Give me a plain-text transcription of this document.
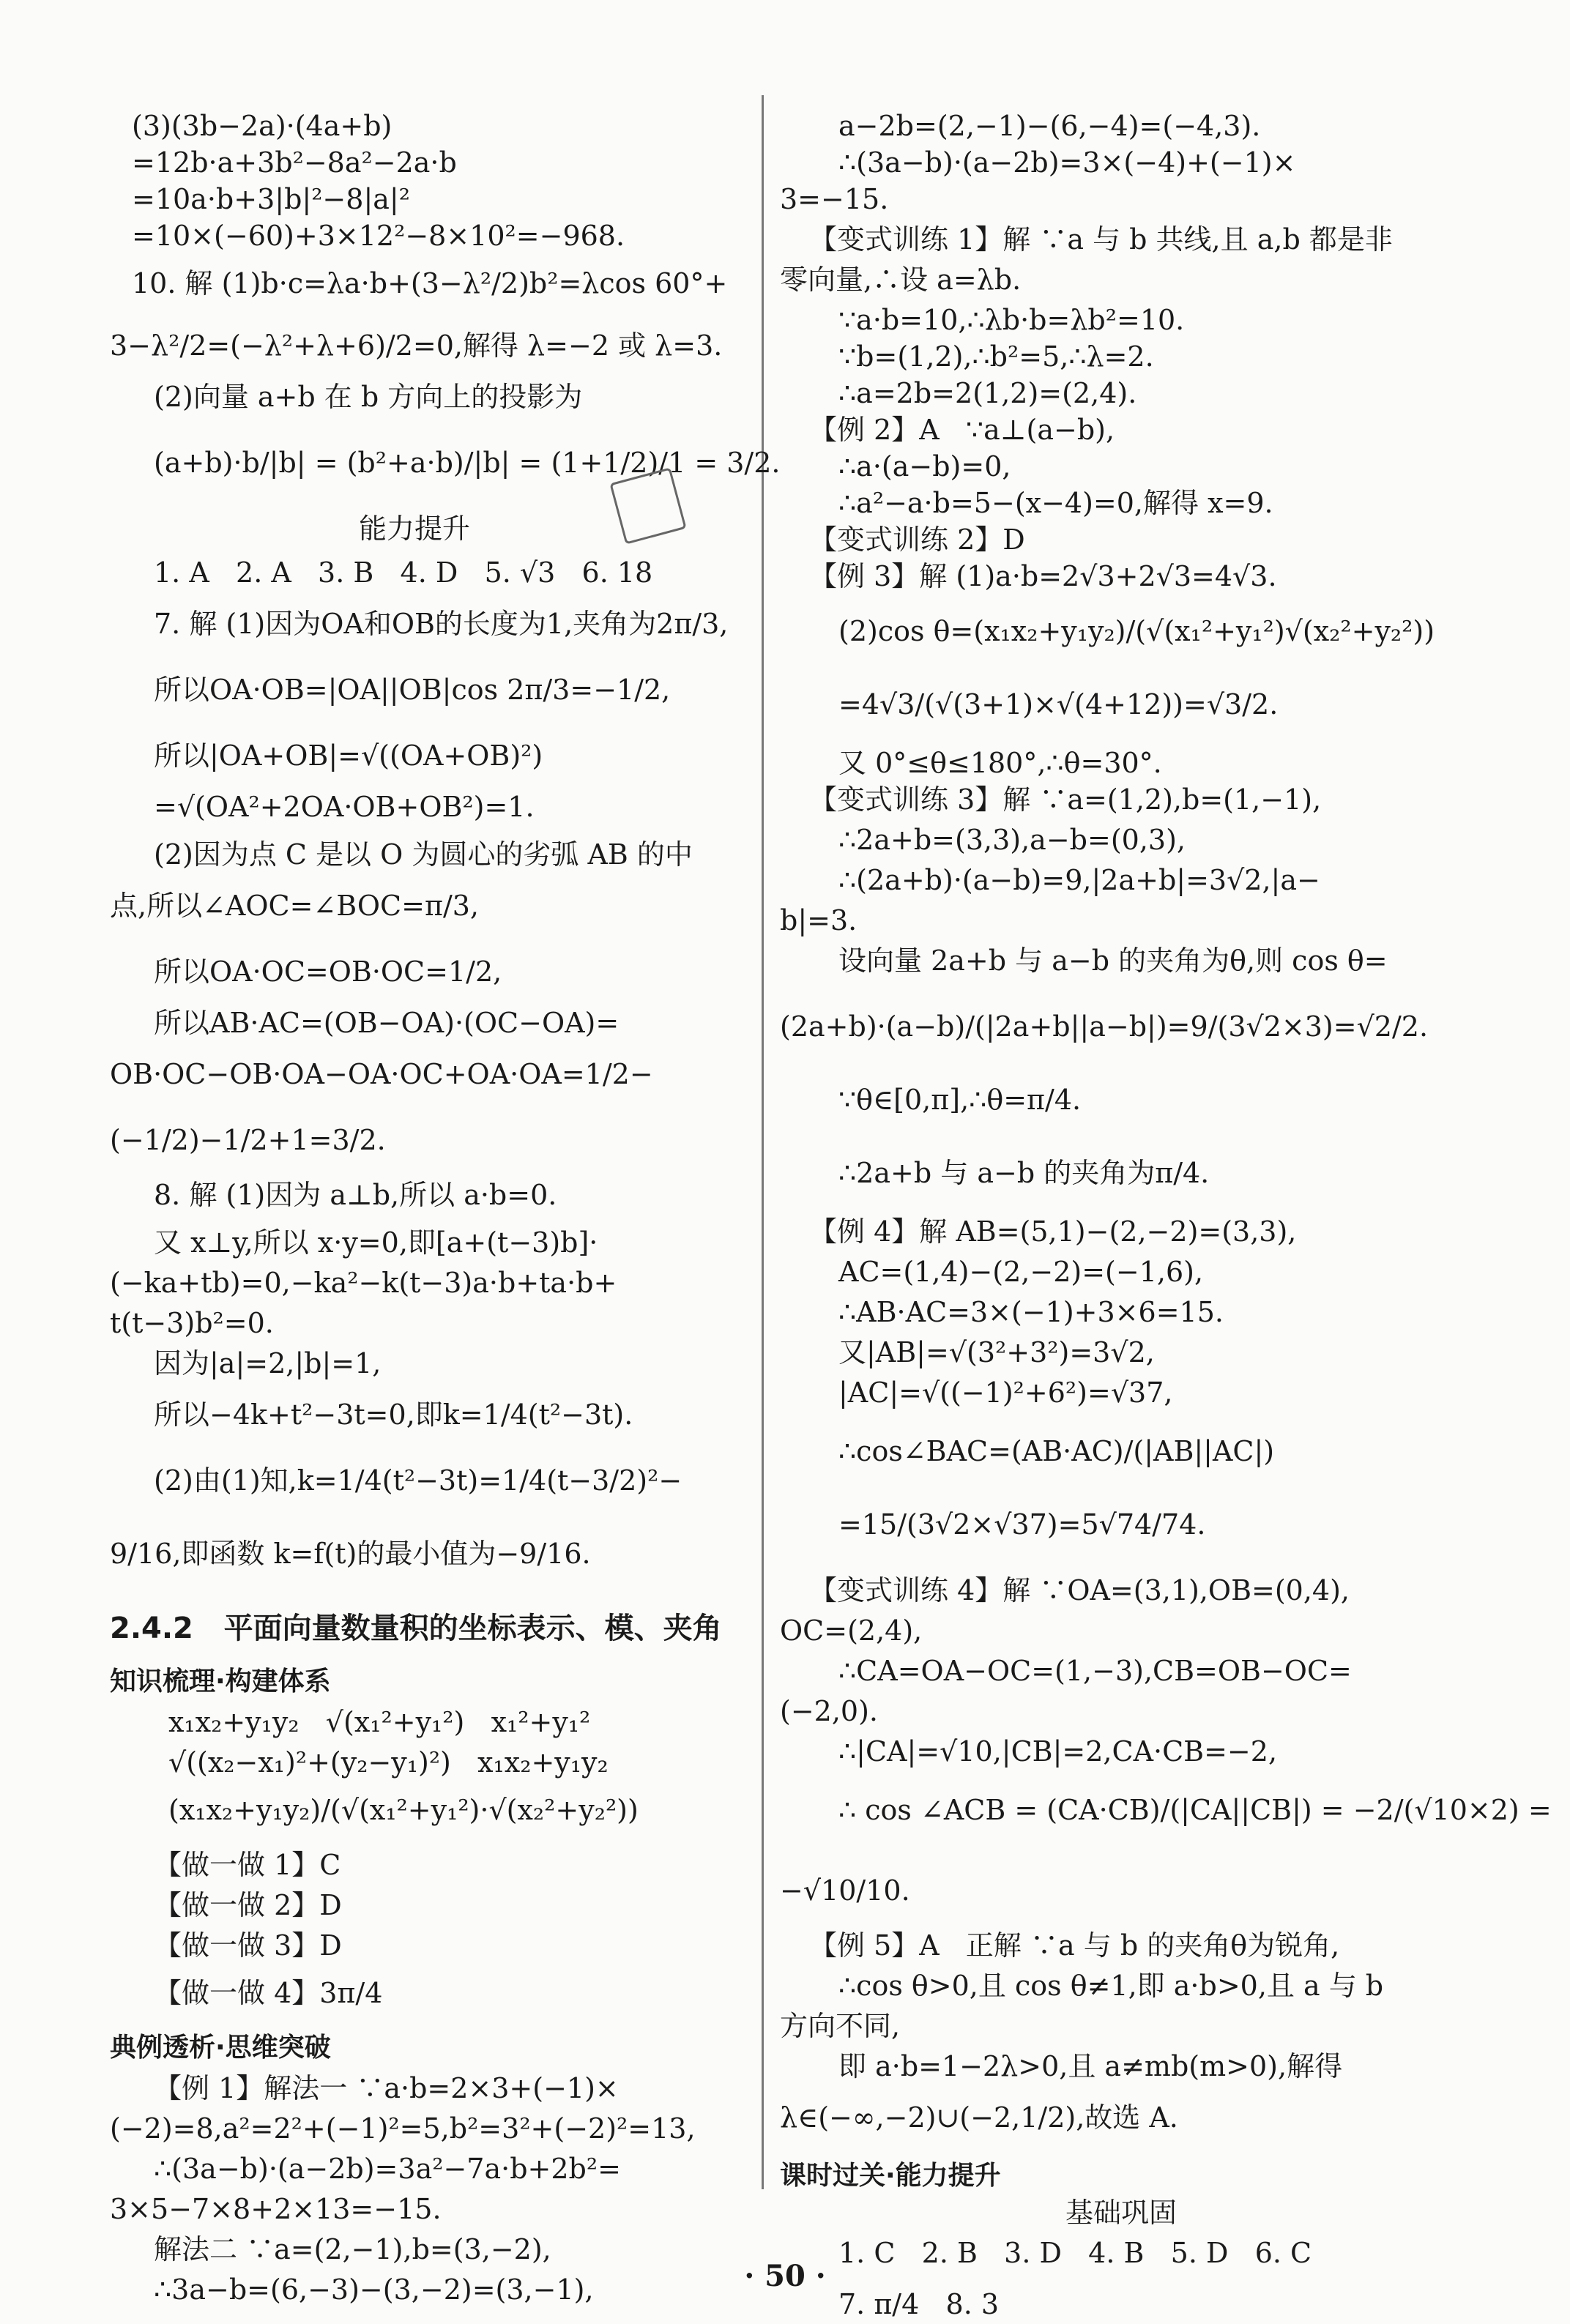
(3)(3b−2a)·(4a+b)
=12b·a+3b²−8a²−2a·b
=10a·b+3|b|²−8|a|²
=10×(−60)+3×12²−8×10²=−968.
10. 解 (1)b·c=λa·b+(3−λ²/2)b²=λcos 60°+
3−λ²/2=(−λ²+λ+6)/2=0,解得 λ=−2 或 λ=3.
(2)向量 a+b 在 b 方向上的投影为
(a+b)·b/|b| = (b²+a·b)/|b| = (1+1/2)/1 = 3/2.
能力提升
1. A   2. A   3. B   4. D   5. √3   6. 18
7. 解 (1)因为OA和OB的长度为1,夹角为2π/3,
所以OA·OB=|OA||OB|cos 2π/3=−1/2,
所以|OA+OB|=√((OA+OB)²)
=√(OA²+2OA·OB+OB²)=1.
(2)因为点 C 是以 O 为圆心的劣弧 AB 的中
点,所以∠AOC=∠BOC=π/3,
所以OA·OC=OB·OC=1/2,
所以AB·AC=(OB−OA)·(OC−OA)=
OB·OC−OB·OA−OA·OC+OA·OA=1/2−
(−1/2)−1/2+1=3/2.
8. 解 (1)因为 a⊥b,所以 a·b=0.
又 x⊥y,所以 x·y=0,即[a+(t−3)b]·
(−ka+tb)=0,−ka²−k(t−3)a·b+ta·b+
t(t−3)b²=0.
因为|a|=2,|b|=1,
所以−4k+t²−3t=0,即k=1/4(t²−3t).
(2)由(1)知,k=1/4(t²−3t)=1/4(t−3/2)²−
9/16,即函数 k=f(t)的最小值为−9/16.
2.4.2   平面向量数量积的坐标表示、模、夹角
知识梳理·构建体系
x₁x₂+y₁y₂   √(x₁²+y₁²)   x₁²+y₁²
√((x₂−x₁)²+(y₂−y₁)²)   x₁x₂+y₁y₂
(x₁x₂+y₁y₂)/(√(x₁²+y₁²)·√(x₂²+y₂²))
【做一做 1】C
【做一做 2】D
【做一做 3】D
【做一做 4】3π/4
典例透析·思维突破
【例 1】解法一 ∵a·b=2×3+(−1)×
(−2)=8,a²=2²+(−1)²=5,b²=3²+(−2)²=13,
∴(3a−b)·(a−2b)=3a²−7a·b+2b²=
3×5−7×8+2×13=−15.
解法二 ∵a=(2,−1),b=(3,−2),
∴3a−b=(6,−3)−(3,−2)=(3,−1),
a−2b=(2,−1)−(6,−4)=(−4,3).
∴(3a−b)·(a−2b)=3×(−4)+(−1)×
3=−15.
【变式训练 1】解 ∵a 与 b 共线,且 a,b 都是非
零向量,∴设 a=λb.
∵a·b=10,∴λb·b=λb²=10.
∵b=(1,2),∴b²=5,∴λ=2.
∴a=2b=2(1,2)=(2,4).
【例 2】A   ∵a⊥(a−b),
∴a·(a−b)=0,
∴a²−a·b=5−(x−4)=0,解得 x=9.
【变式训练 2】D
【例 3】解 (1)a·b=2√3+2√3=4√3.
(2)cos θ=(x₁x₂+y₁y₂)/(√(x₁²+y₁²)√(x₂²+y₂²))
=4√3/(√(3+1)×√(4+12))=√3/2.
又 0°≤θ≤180°,∴θ=30°.
【变式训练 3】解 ∵a=(1,2),b=(1,−1),
∴2a+b=(3,3),a−b=(0,3),
∴(2a+b)·(a−b)=9,|2a+b|=3√2,|a−
b|=3.
设向量 2a+b 与 a−b 的夹角为θ,则 cos θ=
(2a+b)·(a−b)/(|2a+b||a−b|)=9/(3√2×3)=√2/2.
∵θ∈[0,π],∴θ=π/4.
∴2a+b 与 a−b 的夹角为π/4.
【例 4】解 AB=(5,1)−(2,−2)=(3,3),
AC=(1,4)−(2,−2)=(−1,6),
∴AB·AC=3×(−1)+3×6=15.
又|AB|=√(3²+3²)=3√2,
|AC|=√((−1)²+6²)=√37,
∴cos∠BAC=(AB·AC)/(|AB||AC|)
=15/(3√2×√37)=5√74/74.
【变式训练 4】解 ∵OA=(3,1),OB=(0,4),
OC=(2,4),
∴CA=OA−OC=(1,−3),CB=OB−OC=
(−2,0).
∴|CA|=√10,|CB|=2,CA·CB=−2,
∴ cos ∠ACB = (CA·CB)/(|CA||CB|) = −2/(√10×2) =
−√10/10.
【例 5】A   正解 ∵a 与 b 的夹角θ为锐角,
∴cos θ>0,且 cos θ≠1,即 a·b>0,且 a 与 b
方向不同,
即 a·b=1−2λ>0,且 a≠mb(m>0),解得
λ∈(−∞,−2)∪(−2,1/2),故选 A.
课时过关·能力提升
基础巩固
1. C   2. B   3. D   4. B   5. D   6. C
7. π/4   8. 3
· 50 ·
